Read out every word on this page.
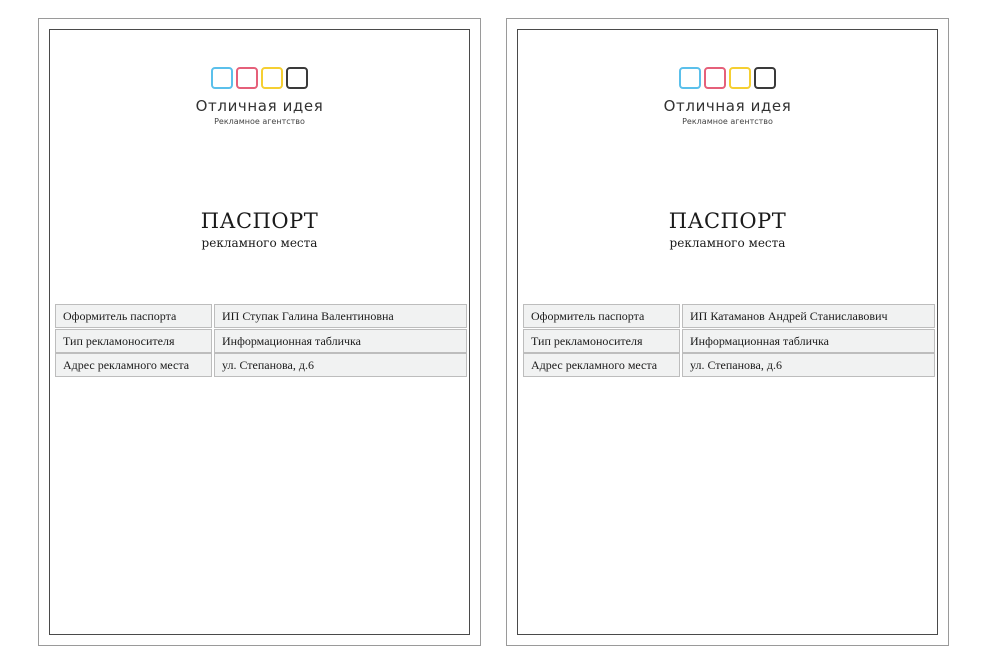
Отличная идея
Рекламное агентство
ПАСПОРТ
рекламного места
Оформитель паспорта	ИП Ступак Галина Валентиновна
Тип рекламоносителя	Информационная табличка
Адрес рекламного места	ул. Степанова, д.6
Отличная идея
Рекламное агентство
ПАСПОРТ
рекламного места
Оформитель паспорта	ИП Катаманов Андрей Станиславович
Тип рекламоносителя	Информационная табличка
Адрес рекламного места	ул. Степанова, д.6
